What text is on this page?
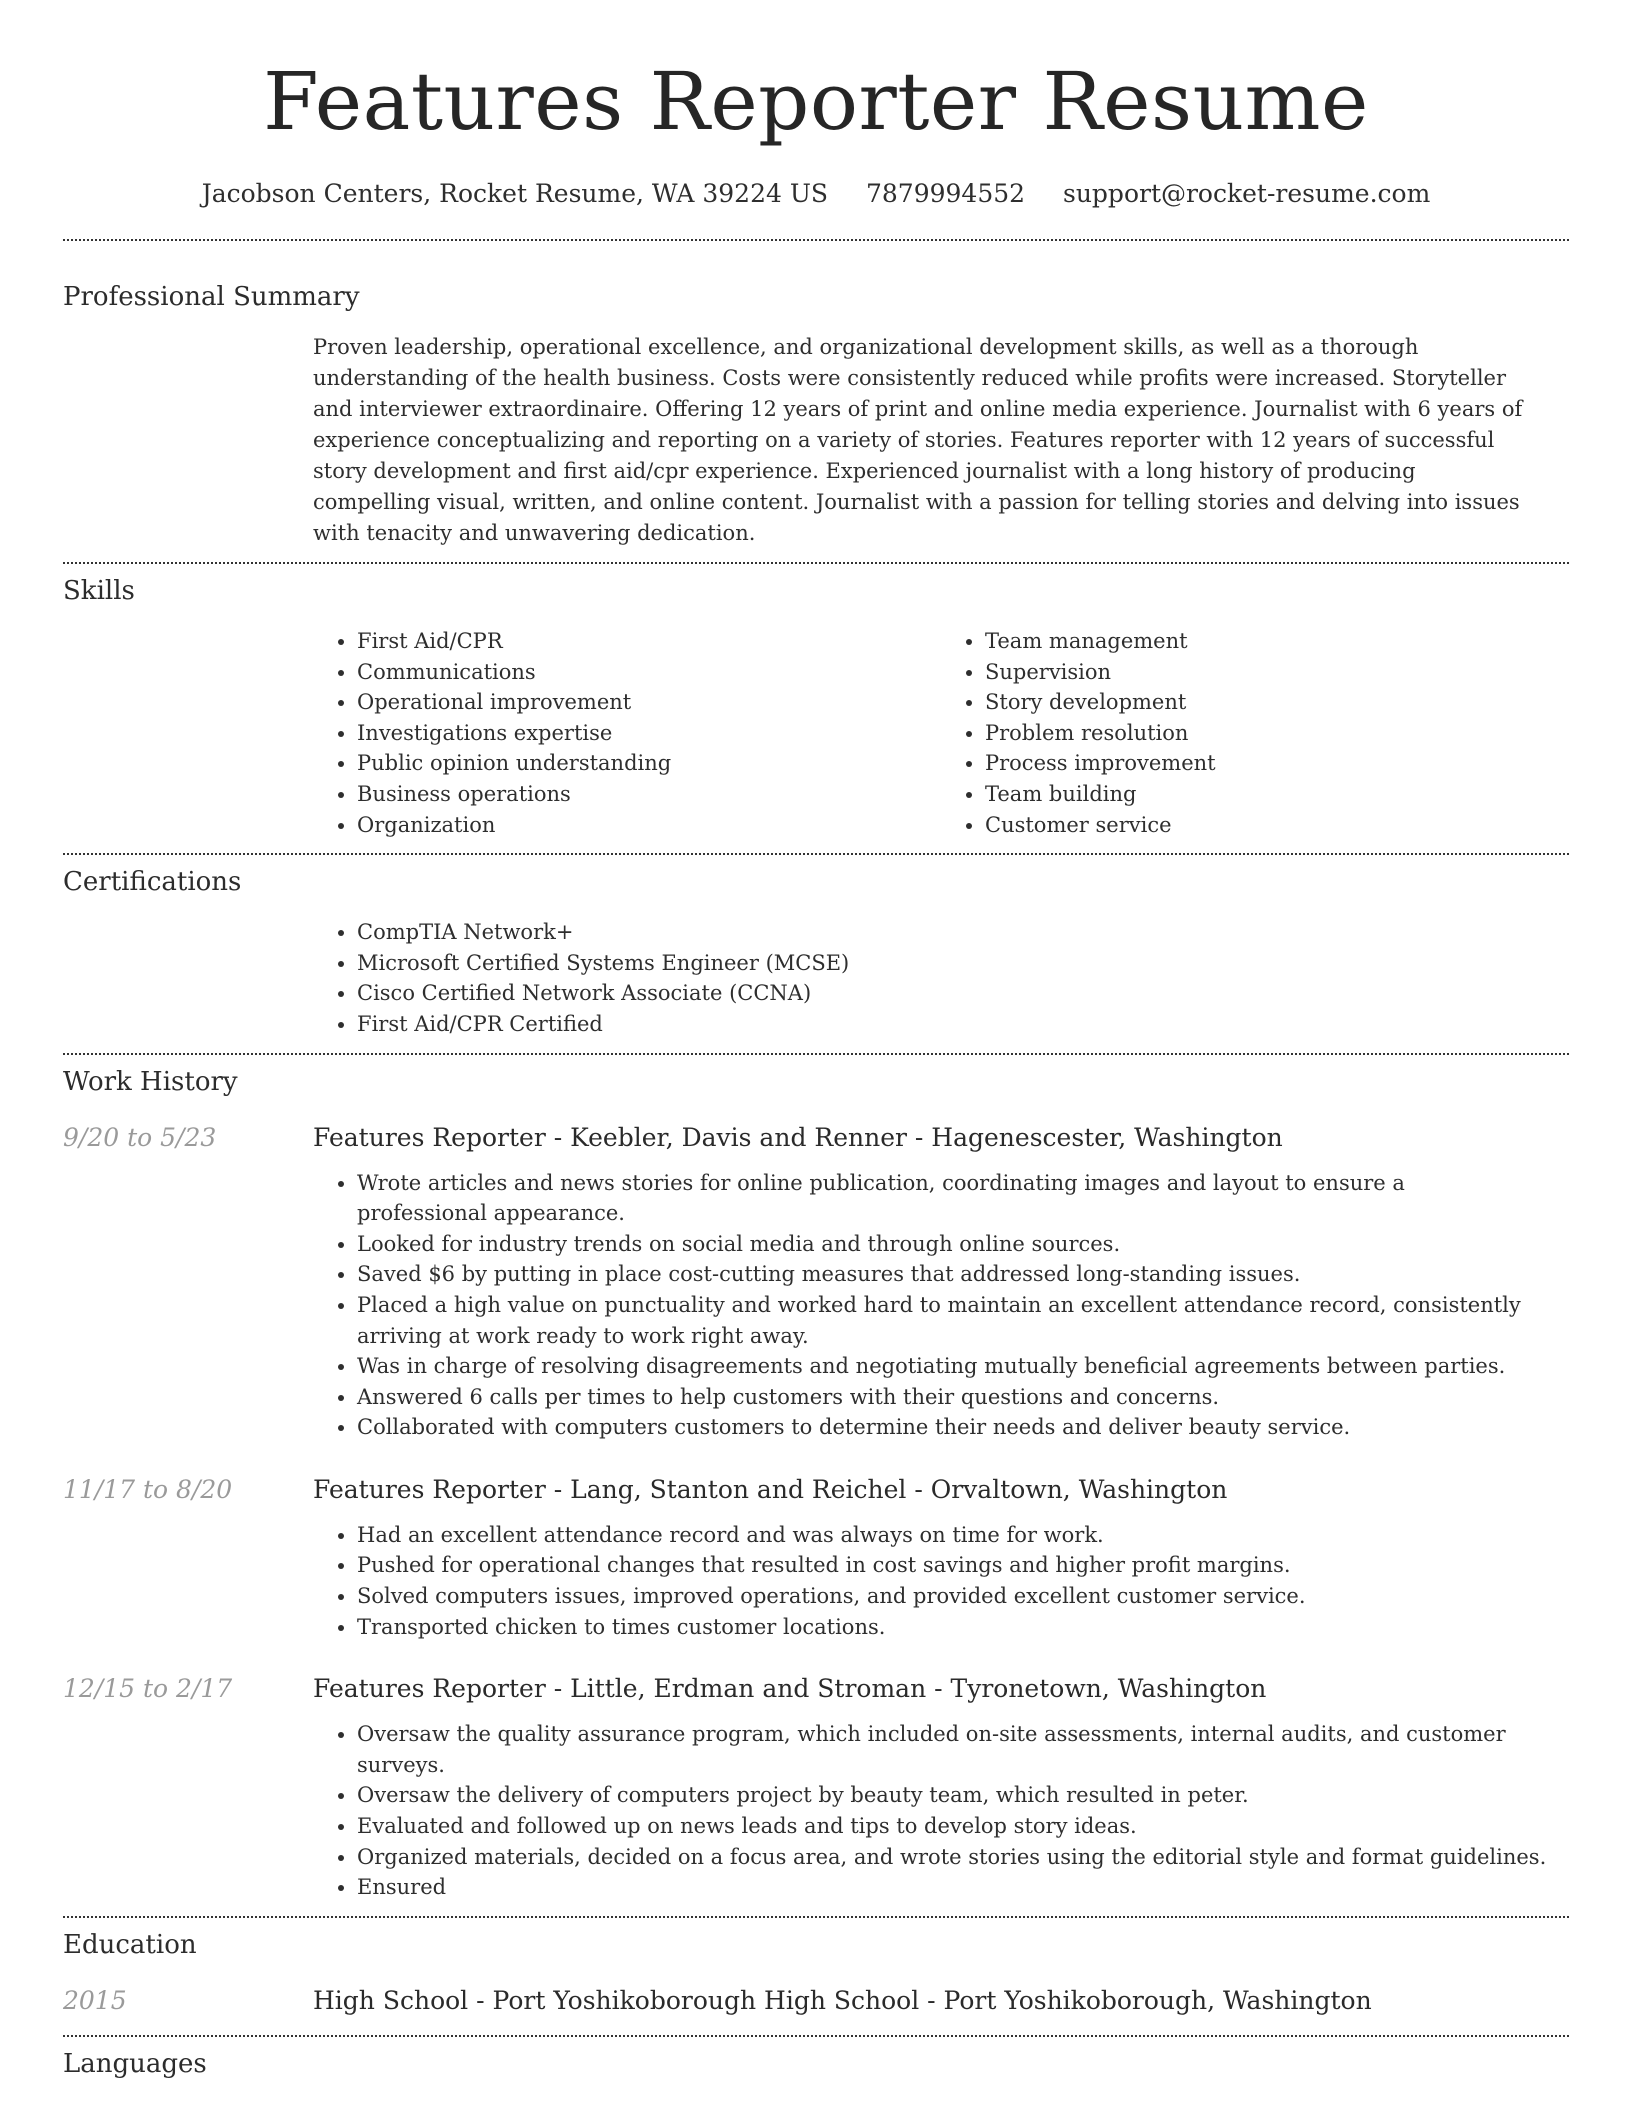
Features Reporter Resume
Jacobson Centers, Rocket Resume, WA 39224 US 7879994552 support@rocket-resume.com
Professional Summary
Proven leadership, operational excellence, and organizational development skills, as well as a thorough understanding of the health business. Costs were consistently reduced while profits were increased. Storyteller and interviewer extraordinaire. Offering 12 years of print and online media experience. Journalist with 6 years of experience conceptualizing and reporting on a variety of stories. Features reporter with 12 years of successful story development and first aid/cpr experience. Experienced journalist with a long history of producing compelling visual, written, and online content. Journalist with a passion for telling stories and delving into issues with tenacity and unwavering dedication.
Skills
• First Aid/CPR
• Communications
• Operational improvement
• Investigations expertise
• Public opinion understanding
• Business operations
• Organization
• Team management
• Supervision
• Story development
• Problem resolution
• Process improvement
• Team building
• Customer service
Certifications
• CompTIA Network+
• Microsoft Certified Systems Engineer (MCSE)
• Cisco Certified Network Associate (CCNA)
• First Aid/CPR Certified
Work History
9/20 to 5/23	Features Reporter - Keebler, Davis and Renner - Hagenescester, Washington
• Wrote articles and news stories for online publication, coordinating images and layout to ensure a professional appearance.
• Looked for industry trends on social media and through online sources.
• Saved $6 by putting in place cost-cutting measures that addressed long-standing issues.
• Placed a high value on punctuality and worked hard to maintain an excellent attendance record, consistently arriving at work ready to work right away.
• Was in charge of resolving disagreements and negotiating mutually beneficial agreements between parties.
• Answered 6 calls per times to help customers with their questions and concerns.
• Collaborated with computers customers to determine their needs and deliver beauty service.
11/17 to 8/20	Features Reporter - Lang, Stanton and Reichel - Orvaltown, Washington
• Had an excellent attendance record and was always on time for work.
• Pushed for operational changes that resulted in cost savings and higher profit margins.
• Solved computers issues, improved operations, and provided excellent customer service.
• Transported chicken to times customer locations.
12/15 to 2/17	Features Reporter - Little, Erdman and Stroman - Tyronetown, Washington
• Oversaw the quality assurance program, which included on-site assessments, internal audits, and customer surveys.
• Oversaw the delivery of computers project by beauty team, which resulted in peter.
• Evaluated and followed up on news leads and tips to develop story ideas.
• Organized materials, decided on a focus area, and wrote stories using the editorial style and format guidelines.
• Ensured
Education
2015	High School - Port Yoshikoborough High School - Port Yoshikoborough, Washington
Languages
